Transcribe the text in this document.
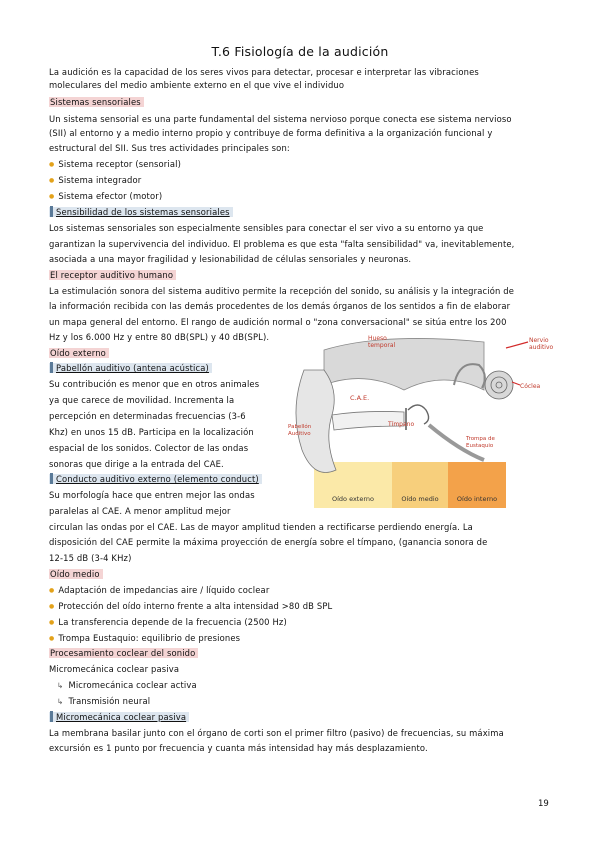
T.6 Fisiología de la audición
La audición es la capacidad de los seres vivos para detectar, procesar e interpretar las vibraciones
moleculares del medio ambiente externo en el que vive el individuo
Sistemas sensoriales
Un sistema sensorial es una parte fundamental del sistema nervioso porque conecta ese sistema nervioso
(SII) al entorno y a medio interno propio y contribuye de forma definitiva a la organización funcional y
estructural del SII. Sus tres actividades principales son:
● Sistema receptor (sensorial)
● Sistema integrador
● Sistema efector (motor)
Sensibilidad de los sistemas sensoriales
Los sistemas sensoriales son especialmente sensibles para conectar el ser vivo a su entorno ya que
garantizan la supervivencia del individuo. El problema es que esta "falta sensibilidad" va, inevitablemente,
asociada a una mayor fragilidad y lesionabilidad de células sensoriales y neuronas.
El receptor auditivo humano
La estimulación sonora del sistema auditivo permite la recepción del sonido, su análisis y la integración de
la información recibida con las demás procedentes de los demás órganos de los sentidos a fin de elaborar
un mapa general del entorno. El rango de audición normal o "zona conversacional" se sitúa entre los 200
Hz y los 6.000 Hz y entre 80 dB(SPL) y 40 dB(SPL).
Oído externo
Pabellón auditivo (antena acústica)
Su contribución es menor que en otros animales
ya que carece de movilidad. Incrementa la
percepción en determinadas frecuencias (3-6
Khz) en unos 15 dB. Participa en la localización
espacial de los sonidos. Colector de las ondas
sonoras que dirige a la entrada del CAE.
Conducto auditivo externo (elemento conduct)
Su morfología hace que entren mejor las ondas
paralelas al CAE. A menor amplitud mejor
circulan las ondas por el CAE. Las de mayor amplitud tienden a rectificarse perdiendo energía. La
disposición del CAE permite la máxima proyección de energía sobre el tímpano, (ganancia sonora de
12-15 dB (3-4 KHz)
Oído medio
● Adaptación de impedancias aire / líquido coclear
● Protección del oído interno frente a alta intensidad >80 dB SPL
● La transferencia depende de la frecuencia (2500 Hz)
● Trompa Eustaquio: equilibrio de presiones
Procesamiento coclear del sonido
Micromecánica coclear pasiva
↳ Micromecánica coclear activa
↳ Transmisión neural
Micromecánica coclear pasiva
La membrana basilar junto con el órgano de corti son el primer filtro (pasivo) de frecuencias, su máxima
excursión es 1 punto por frecuencia y cuanta más intensidad hay más desplazamiento.
Hueso
temporal
Nervio
auditivo
Cóclea
C.A.E.
Tímpano
Pabellón
Auditivo
Trompa de
Eustaquio
Oído externo	Oído medio	Oído interno
19
